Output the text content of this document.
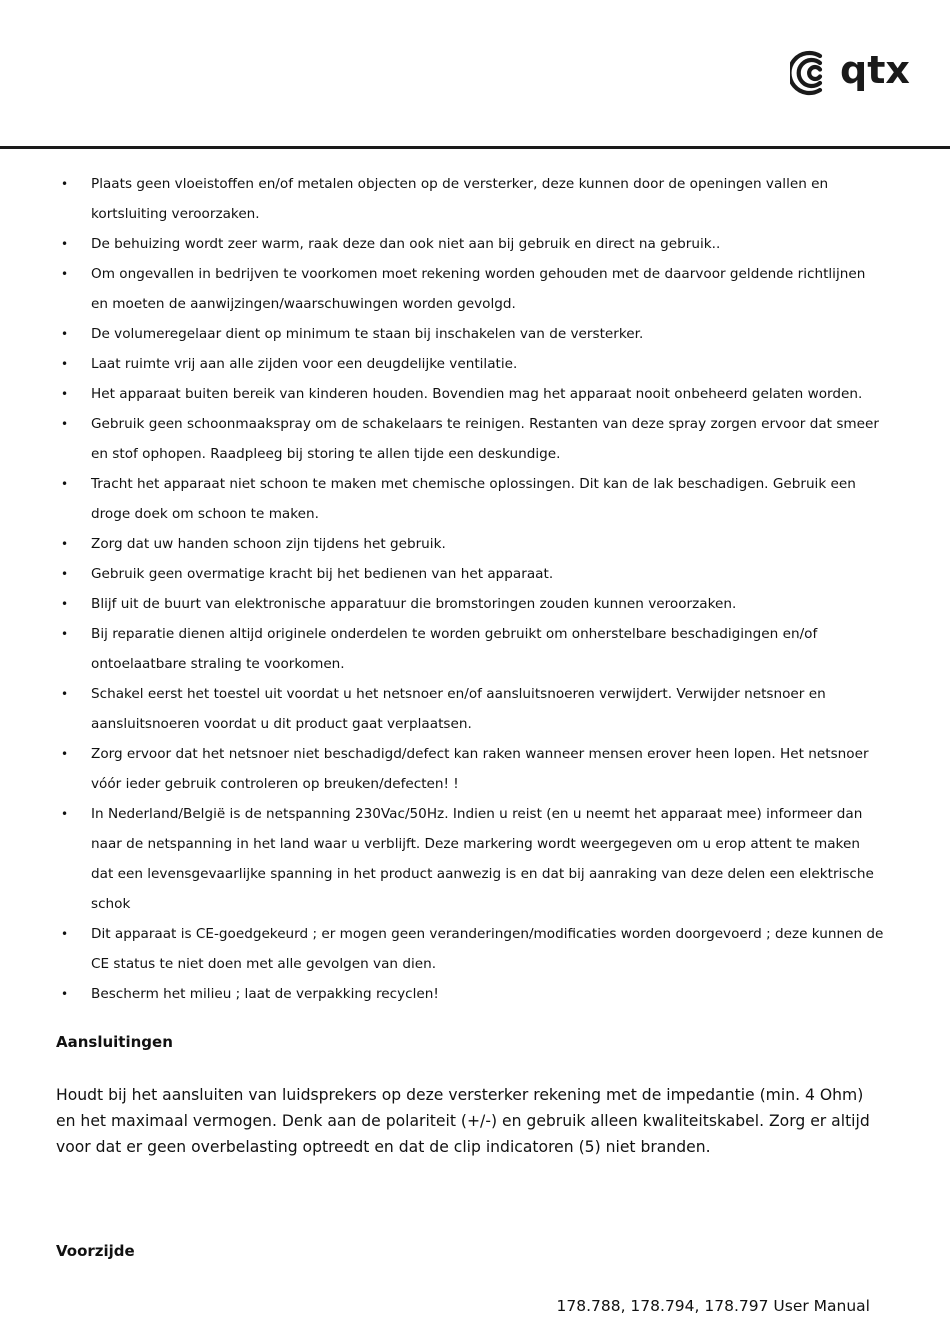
qtx
• Plaats geen vloeistoffen en/of metalen objecten op de versterker, deze kunnen door de openingen vallen en kortsluiting veroorzaken.
• De behuizing wordt zeer warm, raak deze dan ook niet aan bij gebruik en direct na gebruik..
• Om ongevallen in bedrijven te voorkomen moet rekening worden gehouden met de daarvoor geldende richtlijnen en moeten de aanwijzingen/waarschuwingen worden gevolgd.
• De volumeregelaar dient op minimum te staan bij inschakelen van de versterker.
• Laat ruimte vrij aan alle zijden voor een deugdelijke ventilatie.
• Het apparaat buiten bereik van kinderen houden. Bovendien mag het apparaat nooit onbeheerd gelaten worden.
• Gebruik geen schoonmaakspray om de schakelaars te reinigen. Restanten van deze spray zorgen ervoor dat smeer en stof ophopen. Raadpleeg bij storing te allen tijde een deskundige.
• Tracht het apparaat niet schoon te maken met chemische oplossingen. Dit kan de lak beschadigen. Gebruik een droge doek om schoon te maken.
• Zorg dat uw handen schoon zijn tijdens het gebruik.
• Gebruik geen overmatige kracht bij het bedienen van het apparaat.
• Blijf uit de buurt van elektronische apparatuur die bromstoringen zouden kunnen veroorzaken.
• Bij reparatie dienen altijd originele onderdelen te worden gebruikt om onherstelbare beschadigingen en/of ontoelaatbare straling te voorkomen.
• Schakel eerst het toestel uit voordat u het netsnoer en/of aansluitsnoeren verwijdert. Verwijder netsnoer en aansluitsnoeren voordat u dit product gaat verplaatsen.
• Zorg ervoor dat het netsnoer niet beschadigd/defect kan raken wanneer mensen erover heen lopen. Het netsnoer vóór ieder gebruik controleren op breuken/defecten! !
• In Nederland/België is de netspanning 230Vac/50Hz. Indien u reist (en u neemt het apparaat mee) informeer dan naar de netspanning in het land waar u verblijft. Deze markering wordt weergegeven om u erop attent te maken dat een levensgevaarlijke spanning in het product aanwezig is en dat bij aanraking van deze delen een elektrische schok
• Dit apparaat is CE-goedgekeurd ; er mogen geen veranderingen/modificaties worden doorgevoerd ; deze kunnen de CE status te niet doen met alle gevolgen van dien.
• Bescherm het milieu ; laat de verpakking recyclen!
Aansluitingen
Houdt bij het aansluiten van luidsprekers op deze versterker rekening met de impedantie (min. 4 Ohm) en het maximaal vermogen. Denk aan de polariteit (+/-) en gebruik alleen kwaliteitskabel. Zorg er altijd voor dat er geen overbelasting optreedt en dat de clip indicatoren (5) niet branden.
Voorzijde
178.788, 178.794, 178.797 User Manual
